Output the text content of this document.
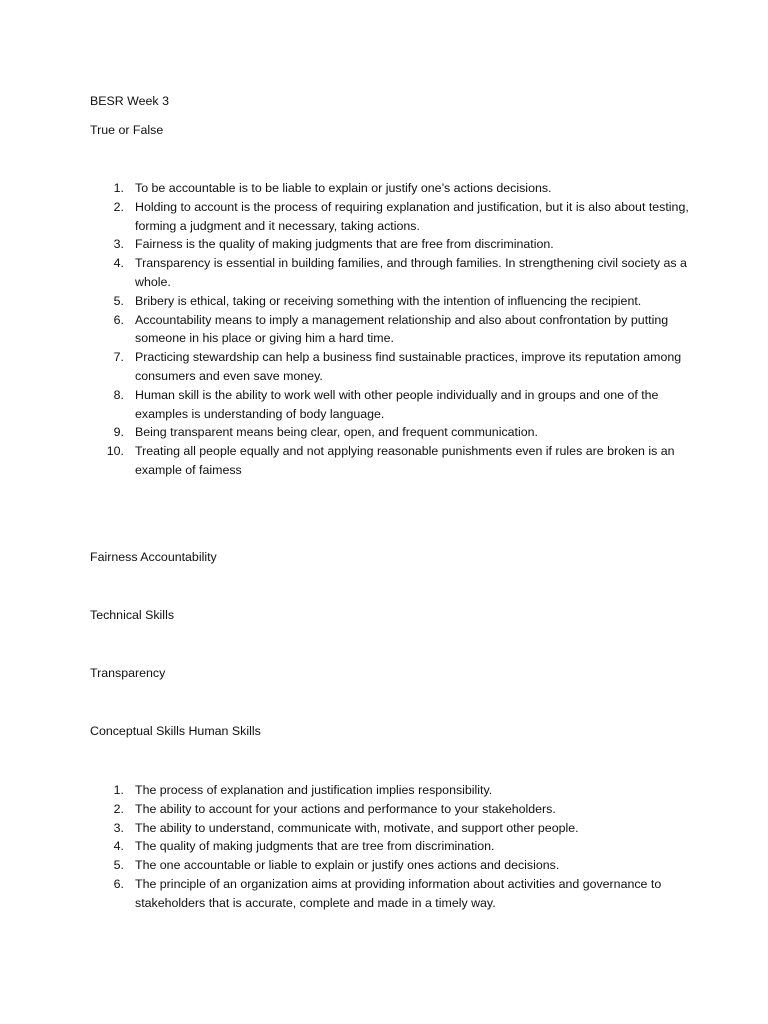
BESR Week 3
True or False
1. To be accountable is to be liable to explain or justify one’s actions decisions.
2. Holding to account is the process of requiring explanation and justification, but it is also about testing, forming a judgment and it necessary, taking actions.
3. Fairness is the quality of making judgments that are free from discrimination.
4. Transparency is essential in building families, and through families. In strengthening civil society as a whole.
5. Bribery is ethical, taking or receiving something with the intention of influencing the recipient.
6. Accountability means to imply a management relationship and also about confrontation by putting someone in his place or giving him a hard time.
7. Practicing stewardship can help a business find sustainable practices, improve its reputation among consumers and even save money.
8. Human skill is the ability to work well with other people individually and in groups and one of the examples is understanding of body language.
9. Being transparent means being clear, open, and frequent communication.
10. Treating all people equally and not applying reasonable punishments even if rules are broken is an example of faimess
Fairness Accountability
Technical Skills
Transparency
Conceptual Skills Human Skills
1. The process of explanation and justification implies responsibility.
2. The ability to account for your actions and performance to your stakeholders.
3. The ability to understand, communicate with, motivate, and support other people.
4. The quality of making judgments that are tree from discrimination.
5. The one accountable or liable to explain or justify ones actions and decisions.
6. The principle of an organization aims at providing information about activities and governance to stakeholders that is accurate, complete and made in a timely way.
